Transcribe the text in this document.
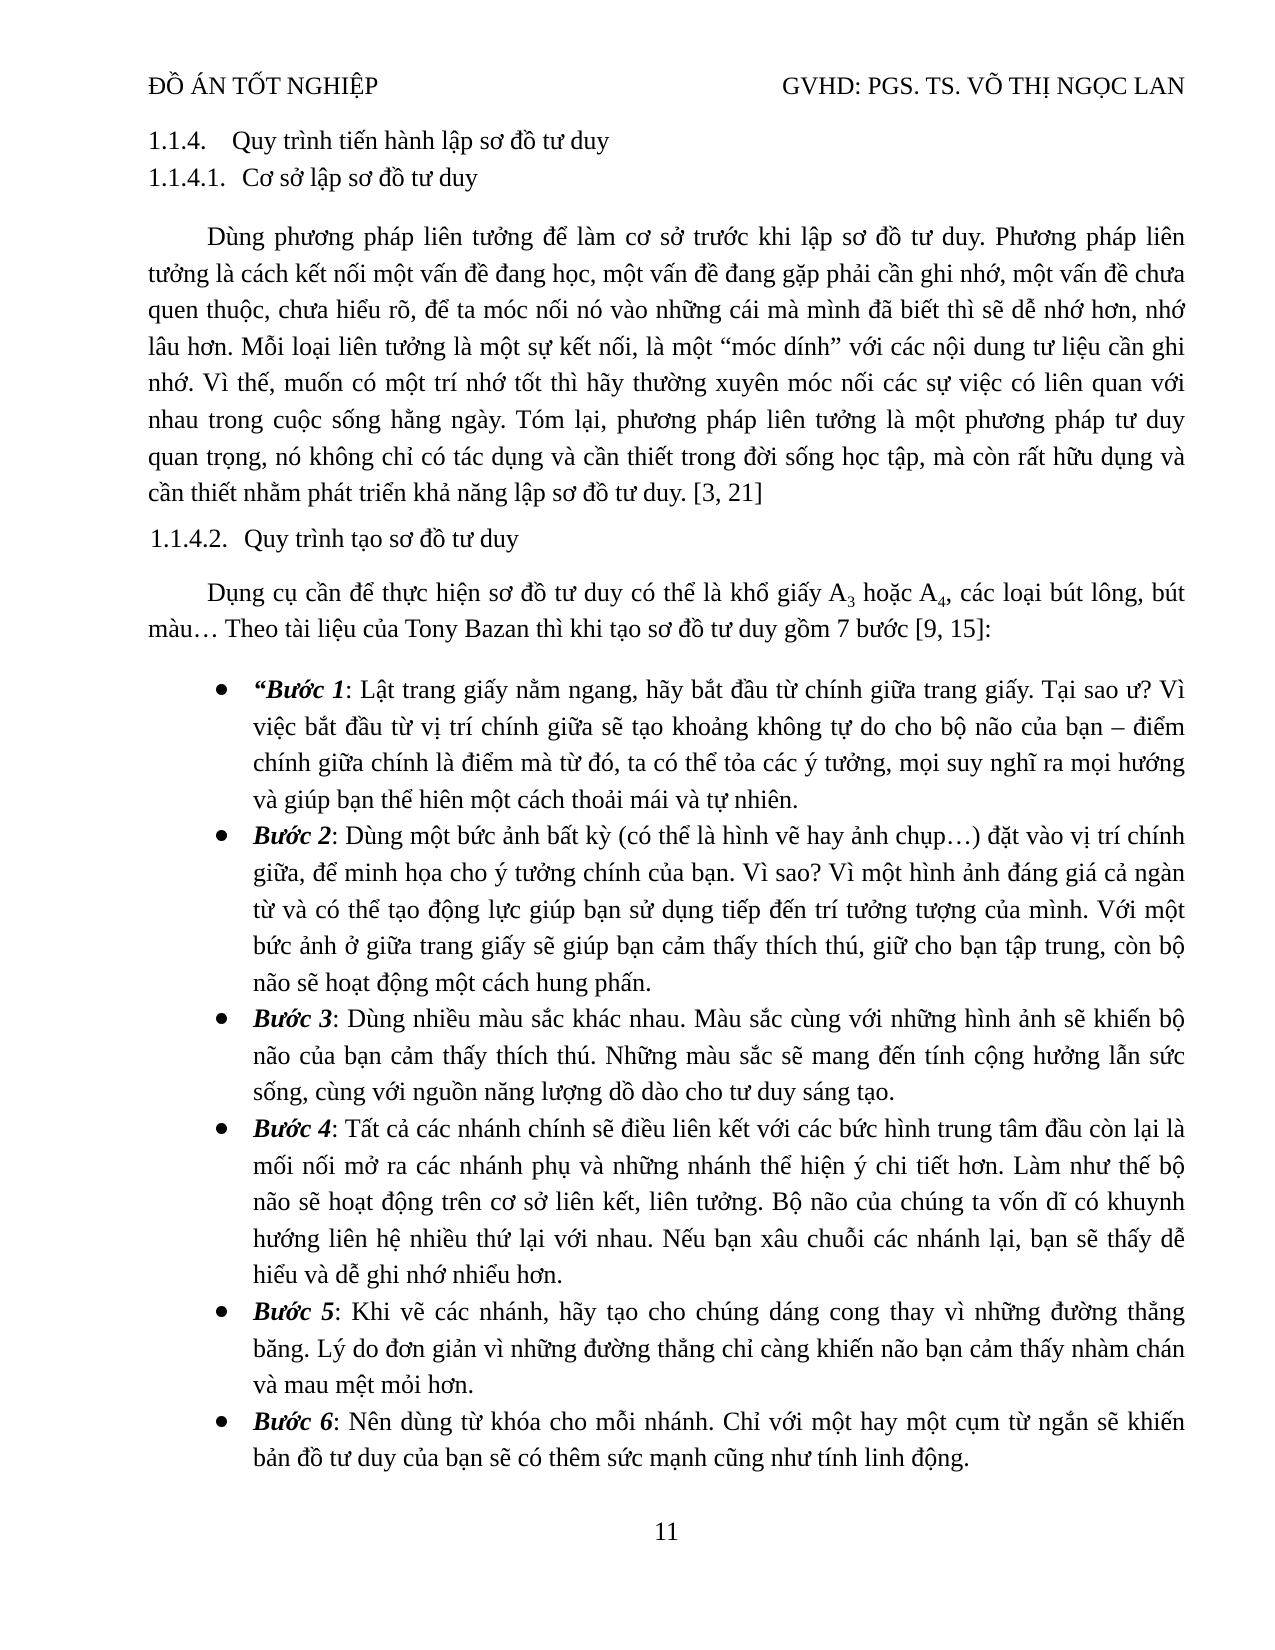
ĐỒ ÁN TỐT NGHIỆP	GVHD: PGS. TS. VÕ THỊ NGỌC LAN
1.1.4. Quy trình tiến hành lập sơ đồ tư duy
1.1.4.1. Cơ sở lập sơ đồ tư duy

Dùng phương pháp liên tưởng để làm cơ sở trước khi lập sơ đồ tư duy. Phương pháp liên tưởng là cách kết nối một vấn đề đang học, một vấn đề đang gặp phải cần ghi nhớ, một vấn đề chưa quen thuộc, chưa hiểu rõ, để ta móc nối nó vào những cái mà mình đã biết thì sẽ dễ nhớ hơn, nhớ lâu hơn. Mỗi loại liên tưởng là một sự kết nối, là một “móc dính” với các nội dung tư liệu cần ghi nhớ. Vì thế, muốn có một trí nhớ tốt thì hãy thường xuyên móc nối các sự việc có liên quan với nhau trong cuộc sống hằng ngày. Tóm lại, phương pháp liên tưởng là một phương pháp tư duy quan trọng, nó không chỉ có tác dụng và cần thiết trong đời sống học tập, mà còn rất hữu dụng và cần thiết nhằm phát triển khả năng lập sơ đồ tư duy. [3, 21]

1.1.4.2. Quy trình tạo sơ đồ tư duy

Dụng cụ cần để thực hiện sơ đồ tư duy có thể là khổ giấy $A_3$ hoặc $A_4$, các loại bút lông, bút màu… Theo tài liệu của Tony Bazan thì khi tạo sơ đồ tư duy gồm 7 bước [9, 15]:

“Bước 1: Lật trang giấy nằm ngang, hãy bắt đầu từ chính giữa trang giấy. Tại sao ư? Vì việc bắt đầu từ vị trí chính giữa sẽ tạo khoảng không tự do cho bộ não của bạn – điểm chính giữa chính là điểm mà từ đó, ta có thể tỏa các ý tưởng, mọi suy nghĩ ra mọi hướng và giúp bạn thể hiên một cách thoải mái và tự nhiên.
Bước 2: Dùng một bức ảnh bất kỳ (có thể là hình vẽ hay ảnh chụp…) đặt vào vị trí chính giữa, để minh họa cho ý tưởng chính của bạn. Vì sao? Vì một hình ảnh đáng giá cả ngàn từ và có thể tạo động lực giúp bạn sử dụng tiếp đến trí tưởng tượng của mình. Với một bức ảnh ở giữa trang giấy sẽ giúp bạn cảm thấy thích thú, giữ cho bạn tập trung, còn bộ não sẽ hoạt động một cách hung phấn.
Bước 3: Dùng nhiều màu sắc khác nhau. Màu sắc cùng với những hình ảnh sẽ khiến bộ não của bạn cảm thấy thích thú. Những màu sắc sẽ mang đến tính cộng hưởng lẫn sức sống, cùng với nguồn năng lượng dồ dào cho tư duy sáng tạo.
Bước 4: Tất cả các nhánh chính sẽ điều liên kết với các bức hình trung tâm đầu còn lại là mối nối mở ra các nhánh phụ và những nhánh thể hiện ý chi tiết hơn. Làm như thế bộ não sẽ hoạt động trên cơ sở liên kết, liên tưởng. Bộ não của chúng ta vốn dĩ có khuynh hướng liên hệ nhiều thứ lại với nhau. Nếu bạn xâu chuỗi các nhánh lại, bạn sẽ thấy dễ hiểu và dễ ghi nhớ nhiểu hơn.
Bước 5: Khi vẽ các nhánh, hãy tạo cho chúng dáng cong thay vì những đường thẳng băng. Lý do đơn giản vì những đường thẳng chỉ càng khiến não bạn cảm thấy nhàm chán và mau mệt mỏi hơn.
Bước 6: Nên dùng từ khóa cho mỗi nhánh. Chỉ với một hay một cụm từ ngắn sẽ khiến bản đồ tư duy của bạn sẽ có thêm sức mạnh cũng như tính linh động.
11
